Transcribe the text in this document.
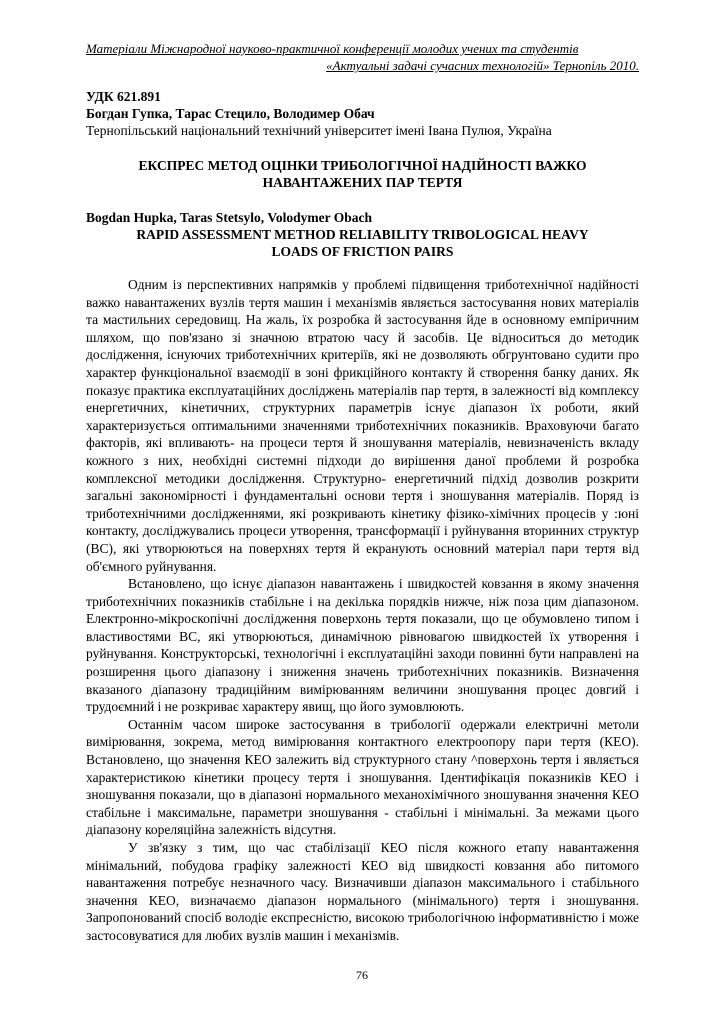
Матеріали Міжнародної науково-практичної конференції молодих учених та студентів
«Актуальні задачі сучасних технологій» Тернопіль 2010.
УДК 621.891
Богдан Гупка, Тарас Стецило, Володимер Обач
Тернопільський національний технічний університет імені Івана Пулюя, Україна
ЕКСПРЕС МЕТОД ОЦІНКИ ТРИБОЛОГІЧНОЇ НАДІЙНОСТІ ВАЖКО НАВАНТАЖЕНИХ ПАР ТЕРТЯ
Bogdan Hupka, Taras Stetsylo, Volodymer Obach
RAPID ASSESSMENT METHOD RELIABILITY TRIBOLOGICAL HEAVY LOADS OF FRICTION PAIRS

Одним із перспективних напрямків у проблемі підвищення триботехнічної надійності важко навантажених вузлів тертя машин і механізмів являється застосування нових матеріалів та мастильних середовищ. На жаль, їх розробка й застосування йде в основному емпіричним шляхом, що пов'язано зі значною втратою часу й засобів. Це відноситься до методик дослідження, існуючих триботехнічних критеріїв, які не дозволяють обгрунтовано судити про характер функціональної взаємодії в зоні фрикційного контакту й створення банку даних. Як показує практика експлуатаційних досліджень матеріалів пар тертя, в залежності від комплексу енергетичних, кінетичних, структурних параметрів існує діапазон їх роботи, який характеризується оптимальними значеннями триботехнічних показників. Враховуючи багато факторів, які впливають- на процеси тертя й зношування матеріалів, невизначеність вкладу кожного з них, необхідні системні підходи до вирішення даної проблеми й розробка комплексної методики дослідження. Структурно- енергетичний підхід дозволив розкрити загальні закономірності і фундаментальні основи тертя і зношування матеріалів. Поряд із триботехнічними дослідженнями, які розкривають кінетику фізико-хімічних процесів у :юні контакту, досліджувались процеси утворення, трансформації і руйнування вторинних структур (ВС), які утворюються на поверхнях тертя й екранують основний матеріал пари тертя від об'ємного руйнування.

Встановлено, що існує діапазон навантажень і швидкостей ковзання в якому значення триботехнічних показників стабільне і на декілька порядків нижче, ніж поза цим діапазоном. Електронно-мікроскопічні дослідження поверхонь тертя показали, що це обумовлено типом і властивостями ВС, які утворюються, динамічною рівновагою швидкостей їх утворення і руйнування. Конструкторські, технологічні і експлуатаційні заходи повинні бути направлені на розширення цього діапазону і зниження значень триботехнічних показників. Визначення вказаного діапазону традиційним вимірюванням величини зношування процес довгий і трудоємний і не розкриває характеру явищ, що його зумовлюють.

Останнім часом широке застосування в трибології одержали електричні метоли вимірювання, зокрема, метод вимірювання контактного електроопору пари тертя (КЕО). Встановлено, що значення КЕО залежить від структурного стану ^поверхонь тертя і являється характеристикою кінетики процесу тертя і зношування. Ідентифікація показників КЕО і зношування показали, що в діапазоні нормального механохімічного зношування значення КЕО стабільне і максимальне, параметри зношування - стабільні і мінімальні. За межами цього діапазону кореляційна залежність відсутня.

У зв'язку з тим, що час стабілізації КЕО після кожного етапу навантаження мінімальний, побудова графіку залежності КЕО від швидкості ковзання або питомого навантаження потребує незначного часу. Визначивши діапазон максимального і стабільного значення КЕО, визначаємо діапазон нормального (мінімального) тертя і зношування. Запропонований спосіб володіє експресністю, високою трибологічною інформативністю і може застосовуватися для любих вузлів машин і механізмів.

76
